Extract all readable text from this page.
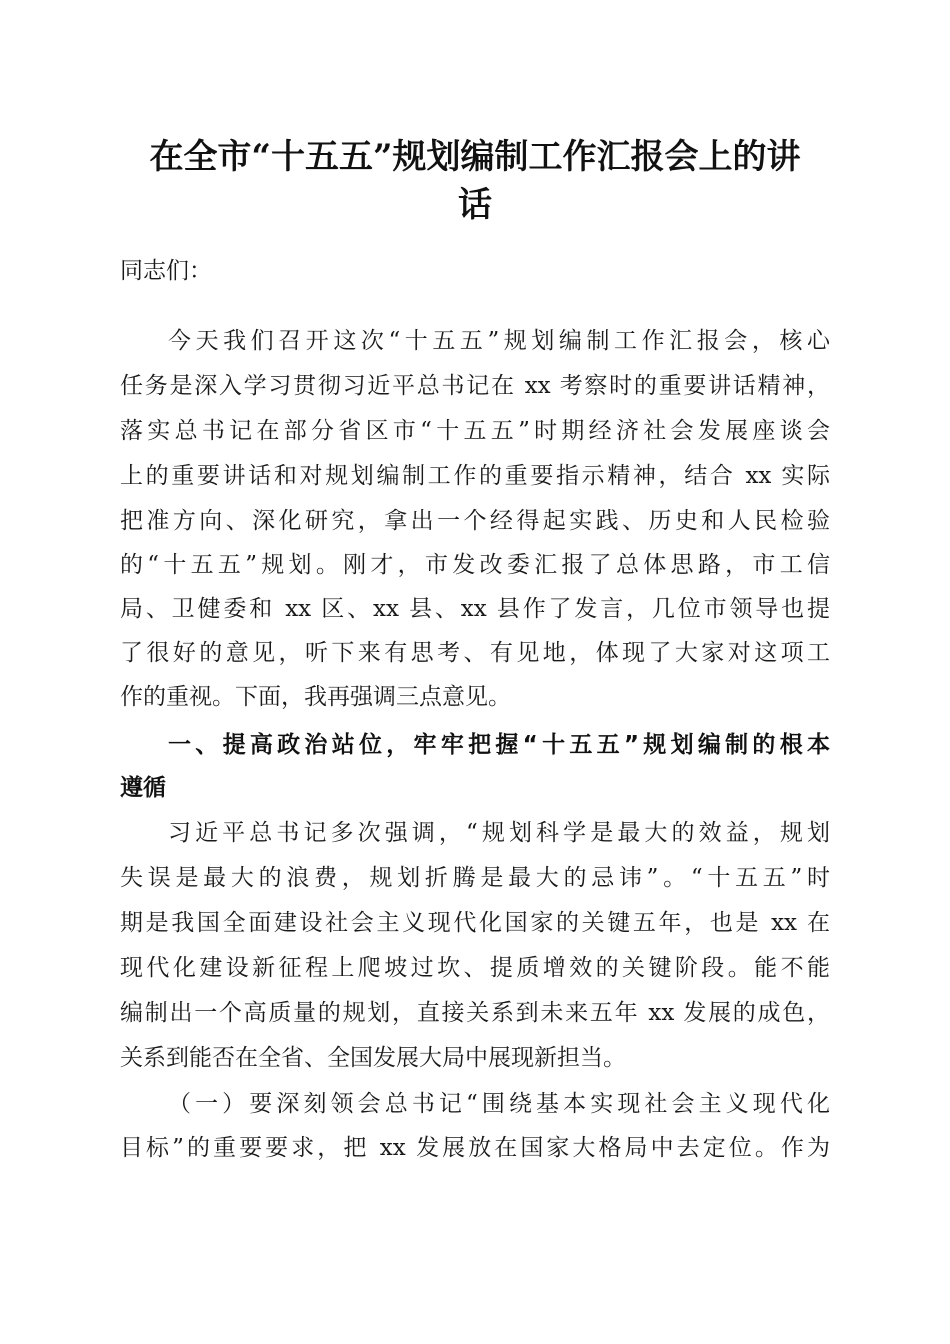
在全市“十五五”规划编制工作汇报会上的讲
话

同志们：

今天我们召开这次“十五五”规划编制工作汇报会，核心

任务是深入学习贯彻习近平总书记在 xx 考察时的重要讲话精神，

落实总书记在部分省区市“十五五”时期经济社会发展座谈会

上的重要讲话和对规划编制工作的重要指示精神，结合 xx 实际

把准方向、深化研究，拿出一个经得起实践、历史和人民检验

的“十五五”规划。刚才，市发改委汇报了总体思路，市工信

局、卫健委和 xx 区、xx 县、xx 县作了发言，几位市领导也提

了很好的意见，听下来有思考、有见地，体现了大家对这项工

作的重视。下面，我再强调三点意见。

一、提高政治站位，牢牢把握“十五五”规划编制的根本

遵循

习近平总书记多次强调，“规划科学是最大的效益，规划

失误是最大的浪费，规划折腾是最大的忌讳”。“十五五”时

期是我国全面建设社会主义现代化国家的关键五年，也是 xx 在

现代化建设新征程上爬坡过坎、提质增效的关键阶段。能不能

编制出一个高质量的规划，直接关系到未来五年 xx 发展的成色，

关系到能否在全省、全国发展大局中展现新担当。

（一）要深刻领会总书记“围绕基本实现社会主义现代化

目标”的重要要求，把 xx 发展放在国家大格局中去定位。作为
